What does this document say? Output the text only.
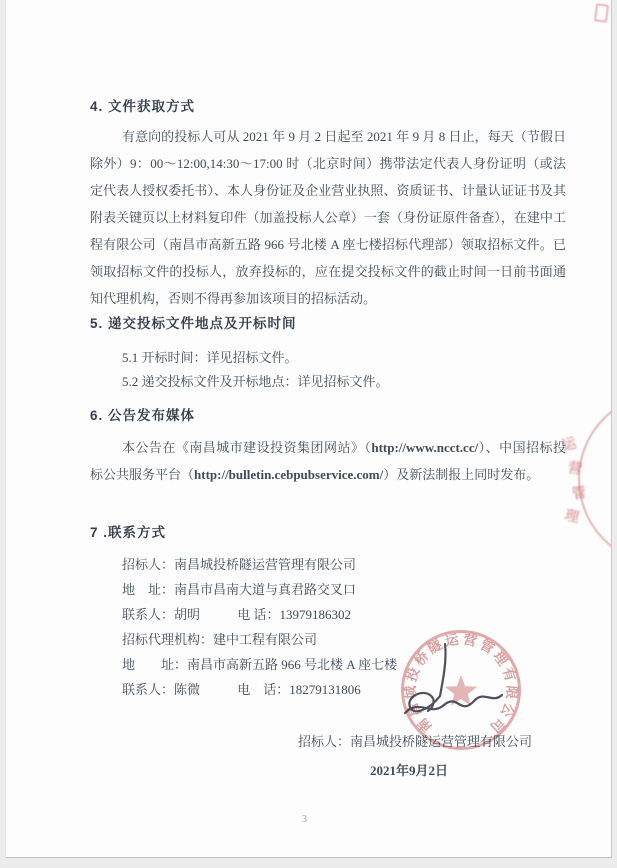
4. 文件获取方式
有意向的投标人可从 2021 年 9 月 2 日起至 2021 年 9 月 8 日止，每天（节假日除外）9：00～12:00,14:30～17:00 时（北京时间）携带法定代表人身份证明（或法定代表人授权委托书）、本人身份证及企业营业执照、资质证书、计量认证证书及其附表关键页以上材料复印件（加盖投标人公章）一套（身份证原件备查），在建中工程有限公司（南昌市高新五路 966 号北楼 A 座七楼招标代理部）领取招标文件。已领取招标文件的投标人，放弃投标的，应在提交投标文件的截止时间一日前书面通知代理机构，否则不得再参加该项目的招标活动。
5. 递交投标文件地点及开标时间
5.1 开标时间：详见招标文件。
5.2 递交投标文件及开标地点：详见招标文件。
6. 公告发布媒体
本公告在《南昌城市建设投资集团网站》（http://www.ncct.cc/）、中国招标投标公共服务平台（http://bulletin.cebpubservice.com/）及新法制报上同时发布。
7 .联系方式
招标人：南昌城投桥隧运营管理有限公司
地　址：南昌市昌南大道与真君路交叉口
联系人：胡明	电 话：13979186302
招标代理机构：建中工程有限公司
地　　址：南昌市高新五路 966 号北楼 A 座七楼
联系人：陈微	电　话：18279131806
招标人：南昌城投桥隧运营管理有限公司
2021年9月2日
3
南昌城投桥隧运营管理有限公司
运
营
管
理
